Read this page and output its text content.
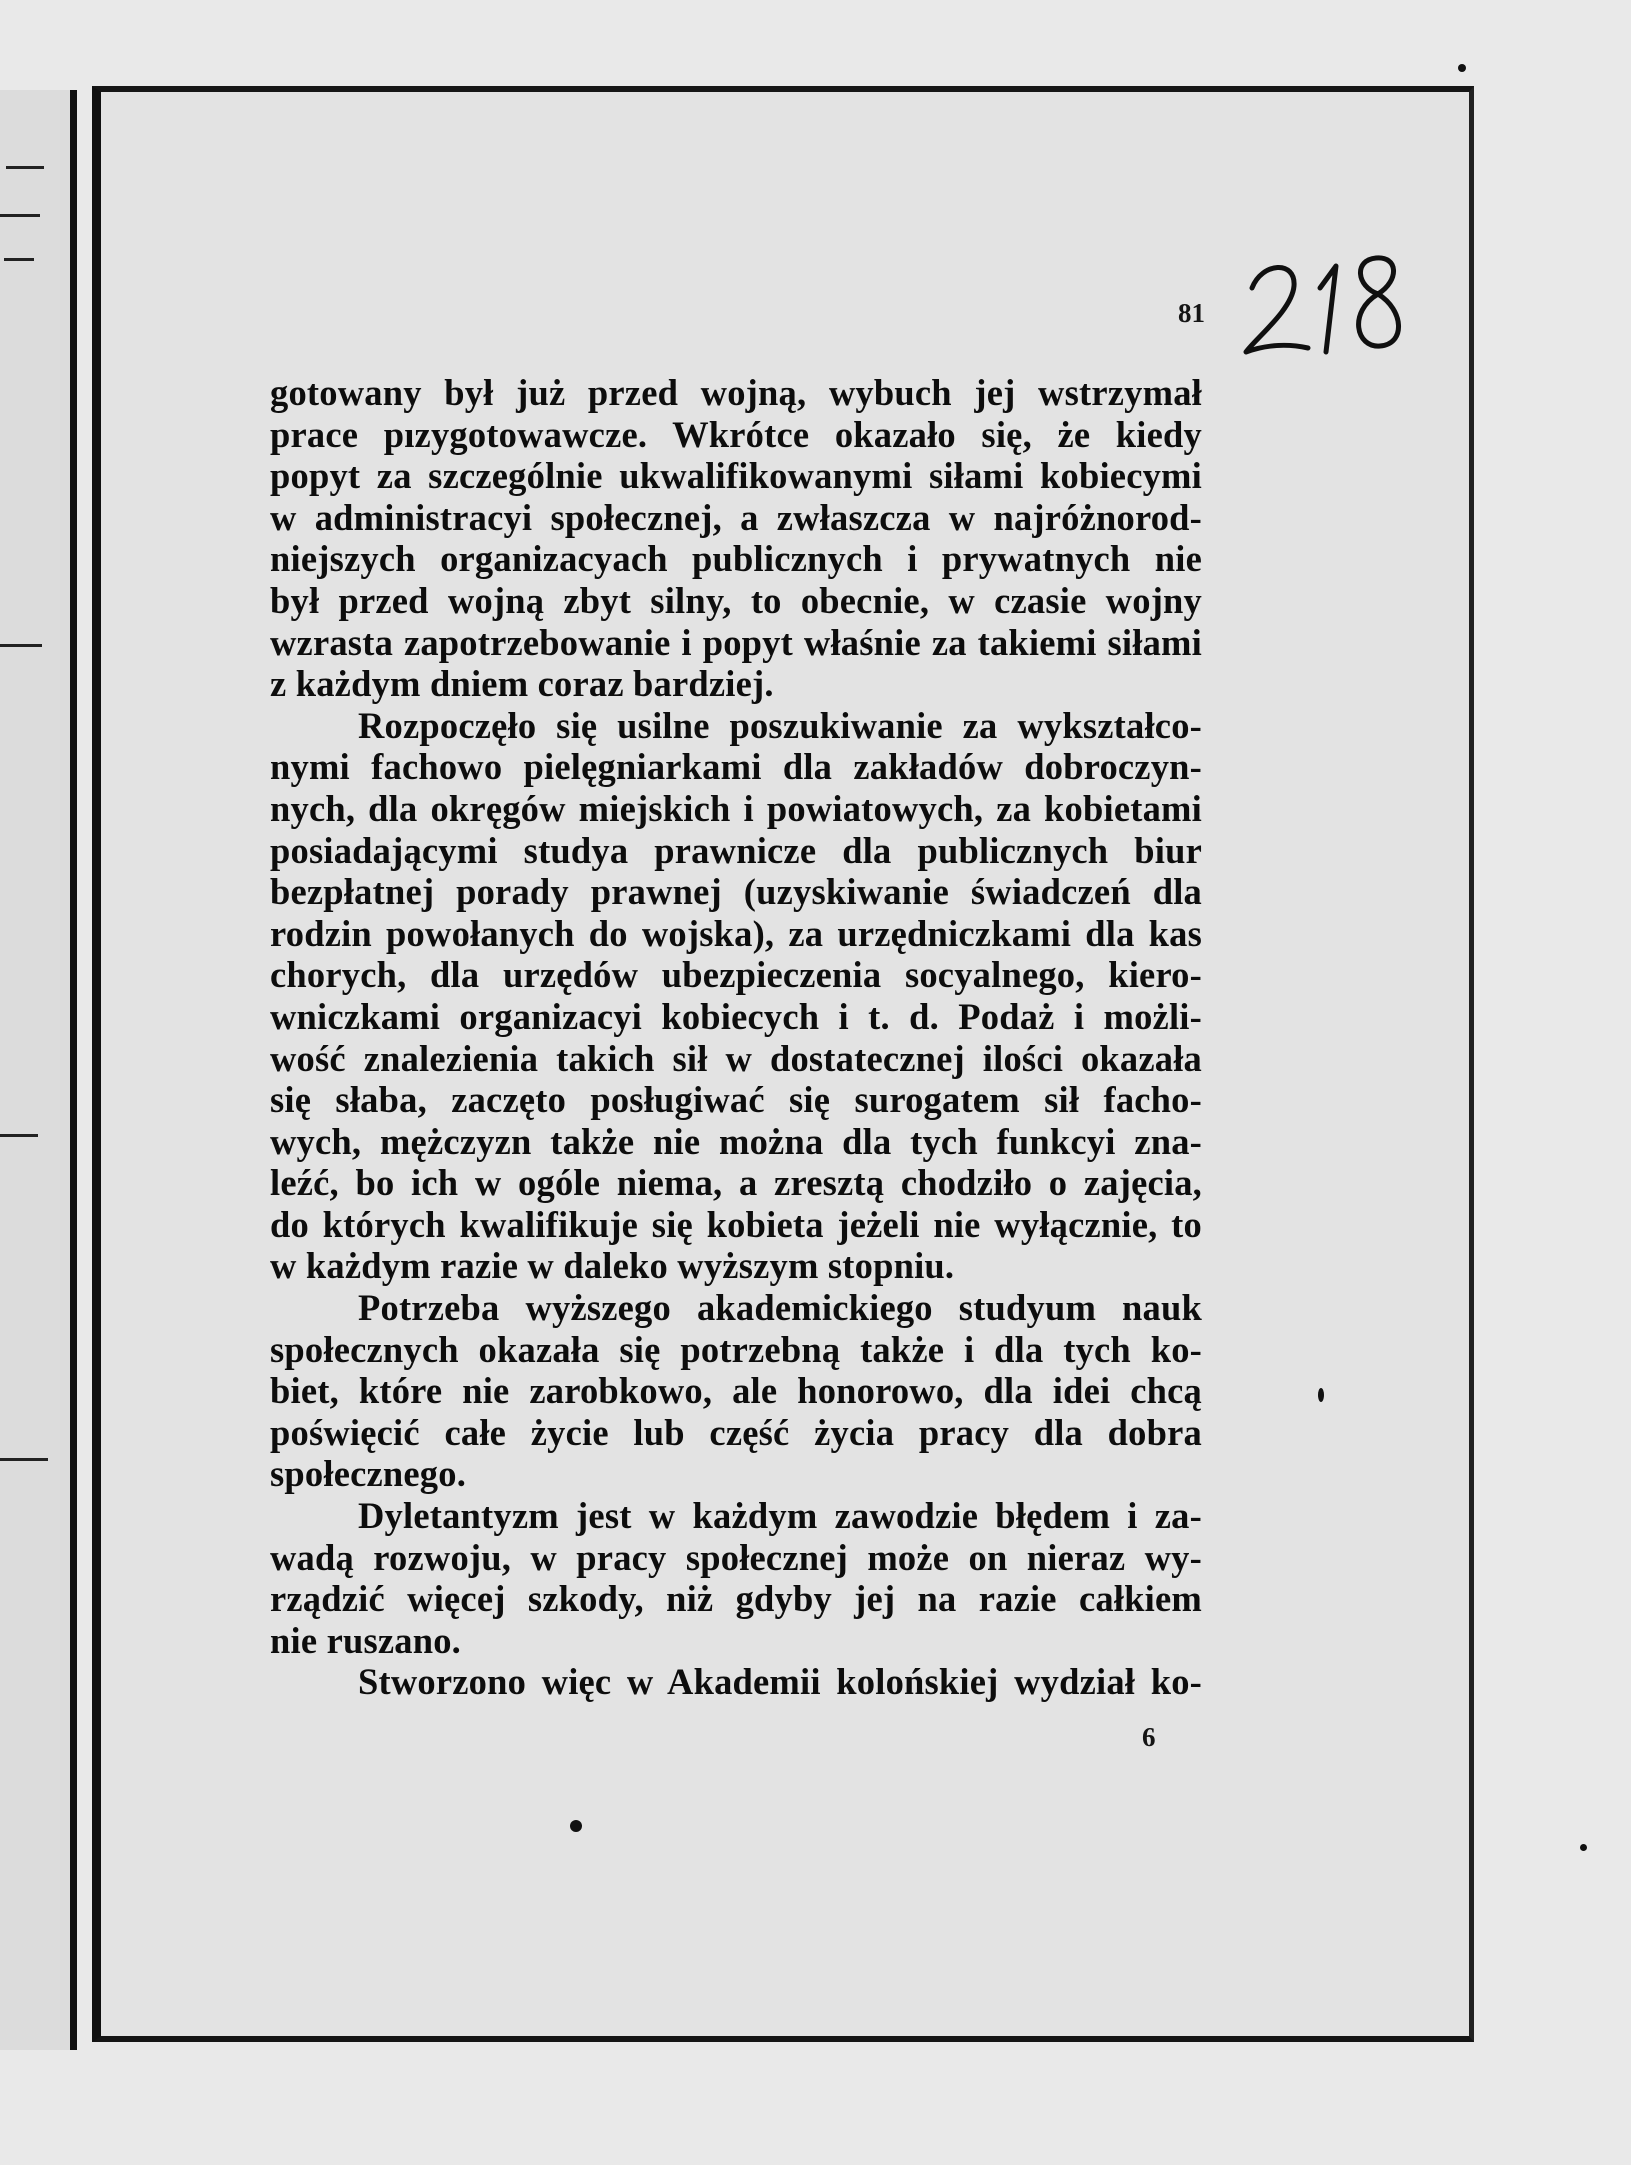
81
gotowany był już przed wojną, wybuch jej wstrzymał
prace pızygotowawcze. Wkrótce okazało się, że kiedy
popyt za szczególnie ukwalifikowanymi siłami kobiecymi
w administracyi społecznej, a zwłaszcza w najróżnorod-
niejszych organizacyach publicznych i prywatnych nie
był przed wojną zbyt silny, to obecnie, w czasie wojny
wzrasta zapotrzebowanie i popyt właśnie za takiemi siłami
z każdym dniem coraz bardziej.
Rozpoczęło się usilne poszukiwanie za wykształco-
nymi fachowo pielęgniarkami dla zakładów dobroczyn-
nych, dla okręgów miejskich i powiatowych, za kobietami
posiadającymi studya prawnicze dla publicznych biur
bezpłatnej porady prawnej (uzyskiwanie świadczeń dla
rodzin powołanych do wojska), za urzędniczkami dla kas
chorych, dla urzędów ubezpieczenia socyalnego, kiero-
wniczkami organizacyi kobiecych i t. d. Podaż i możli-
wość znalezienia takich sił w dostatecznej ilości okazała
się słaba, zaczęto posługiwać się surogatem sił facho-
wych, mężczyzn także nie można dla tych funkcyi zna-
leźć, bo ich w ogóle niema, a zresztą chodziło o zajęcia,
do których kwalifikuje się kobieta jeżeli nie wyłącznie, to
w każdym razie w daleko wyższym stopniu.
Potrzeba wyższego akademickiego studyum nauk
społecznych okazała się potrzebną także i dla tych ko-
biet, które nie zarobkowo, ale honorowo, dla idei chcą
poświęcić całe życie lub część życia pracy dla dobra
społecznego.
Dyletantyzm jest w każdym zawodzie błędem i za-
wadą rozwoju, w pracy społecznej może on nieraz wy-
rządzić więcej szkody, niż gdyby jej na razie całkiem
nie ruszano.
Stworzono więc w Akademii kolońskiej wydział ko-
6
